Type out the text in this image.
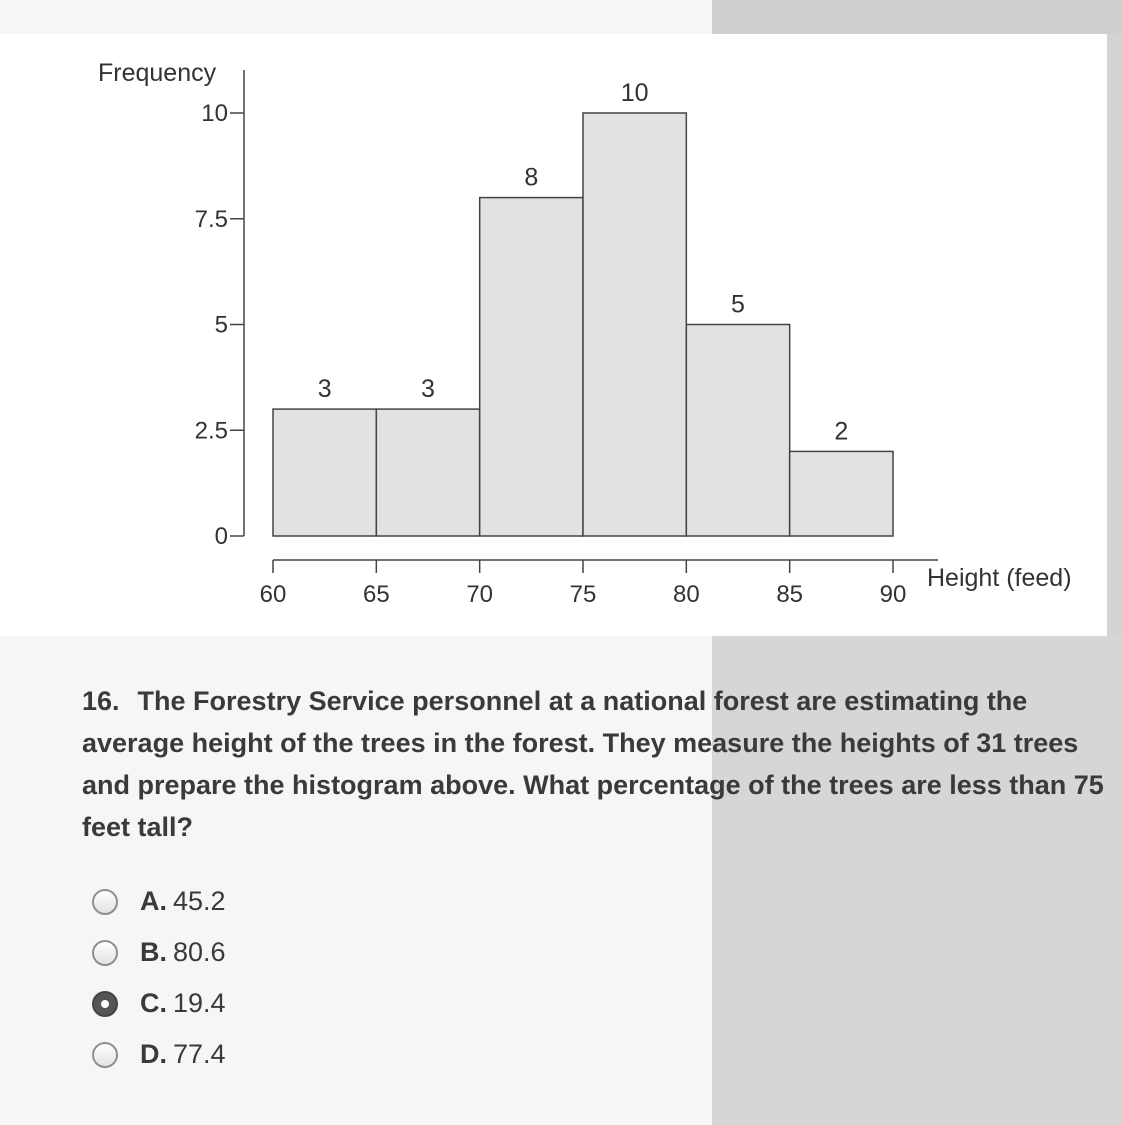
0
2.5
5
7.5
10
60	65	70	75	80	85	90
3	3
8
10
5
2
Frequency
Height (feed)
16. The Forestry Service personnel at a national forest are estimating the average height of the trees in the forest. They measure the heights of 31 trees and prepare the histogram above. What percentage of the trees are less than 75 feet tall?
A. 45.2
B. 80.6
C. 19.4
D. 77.4
